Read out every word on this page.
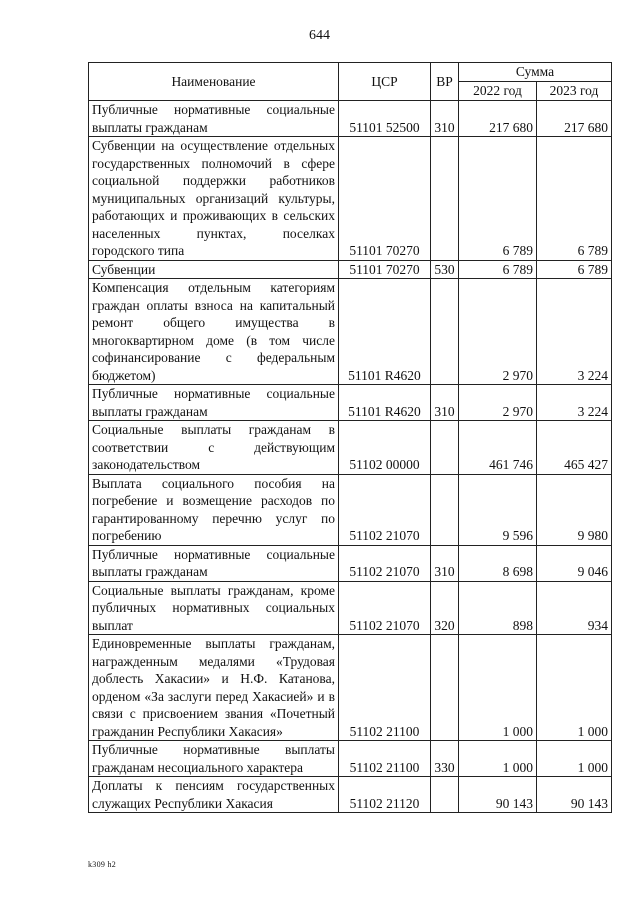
644
Наименование	ЦСР	ВР	Сумма	
			2022 год	2023 год
Публичные нормативные социальные выплаты гражданам	51101 52500	310	217 680	217 680
Субвенции на осуществление отдельных государственных полномочий в сфере социальной поддержки работников муниципальных организаций культуры, работающих и проживающих в сельских населенных пунктах, поселках городского типа	51101 70270		6 789	6 789
Субвенции	51101 70270	530	6 789	6 789
Компенсация отдельным категориям граждан оплаты взноса на капитальный ремонт общего имущества в многоквартирном доме (в том числе софинансирование с федеральным бюджетом)	51101 R4620		2 970	3 224
Публичные нормативные социальные выплаты гражданам	51101 R4620	310	2 970	3 224
Социальные выплаты гражданам в соответствии с действующим законодательством	51102 00000		461 746	465 427
Выплата социального пособия на погребение и возмещение расходов по гарантированному перечню услуг по погребению	51102 21070		9 596	9 980
Публичные нормативные социальные выплаты гражданам	51102 21070	310	8 698	9 046
Социальные выплаты гражданам, кроме публичных нормативных социальных выплат	51102 21070	320	898	934
Единовременные выплаты гражданам, награжденным медалями «Трудовая доблесть Хакасии» и Н.Ф. Катанова, орденом «За заслуги перед Хакасией» и в связи с присвоением звания «Почетный гражданин Республики Хакасия»	51102 21100		1 000	1 000
Публичные нормативные выплаты гражданам несоциального характера	51102 21100	330	1 000	1 000
Доплаты к пенсиям государственных служащих Республики Хакасия	51102 21120		90 143	90 143
k309 h2
